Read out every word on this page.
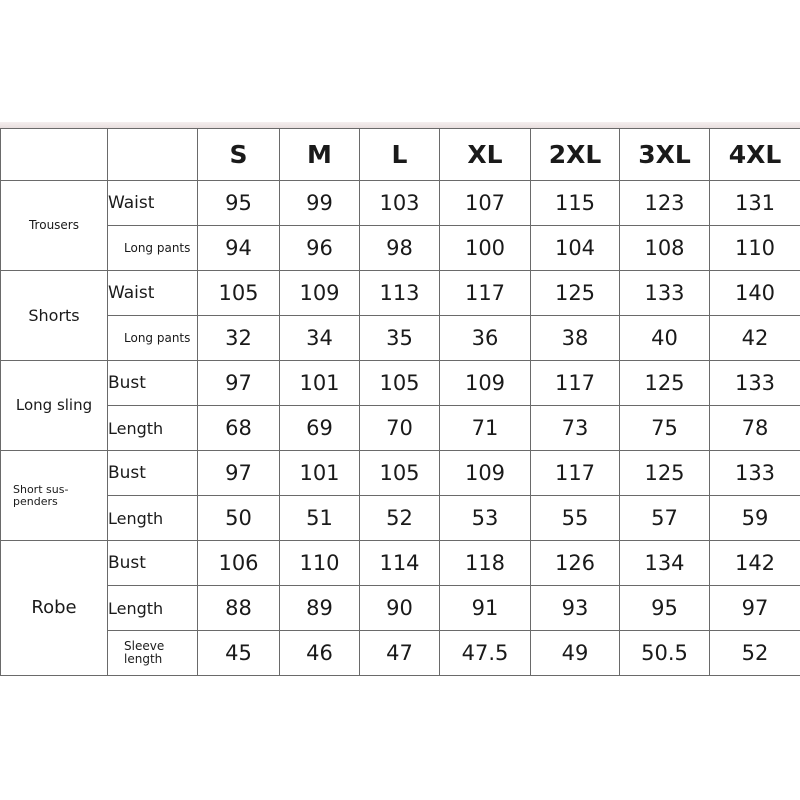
		S	M	L	XL	2XL	3XL	4XL
Trousers	Waist	95	99	103	107	115	123	131
	Long pants	94	96	98	100	104	108	110
Shorts	Waist	105	109	113	117	125	133	140
	Long pants	32	34	35	36	38	40	42
Long sling	Bust	97	101	105	109	117	125	133
	Length	68	69	70	71	73	75	78
Short sus-penders	Bust	97	101	105	109	117	125	133
	Length	50	51	52	53	55	57	59
Robe	Bust	106	110	114	118	126	134	142
	Length	88	89	90	91	93	95	97
	Sleeve length	45	46	47	47.5	49	50.5	52
